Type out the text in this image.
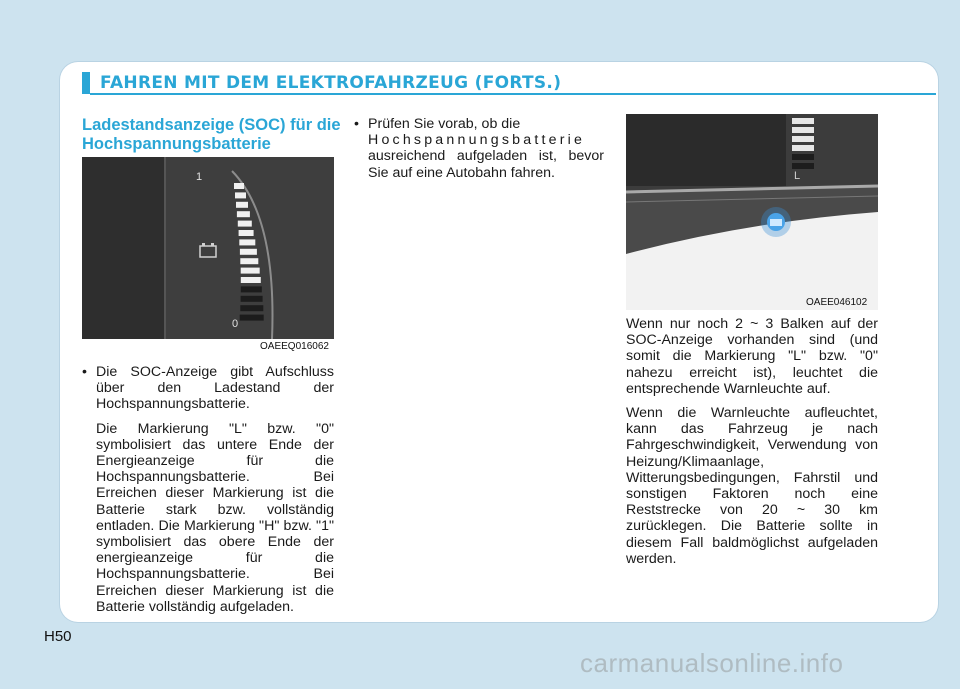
FAHREN MIT DEM ELEKTROFAHRZEUG (FORTS.)
Ladestandsanzeige (SOC) für die Hochspannungsbatterie
1
0
OAEEQ016062
L
OAEE046102

• Die SOC-Anzeige gibt Aufschluss über den Ladestand der Hochspannungsbatterie.

Die Markierung "L" bzw. "0" symbolisiert das untere Ende der Energieanzeige für die Hochspannungsbatterie. Bei Erreichen dieser Markierung ist die Batterie stark bzw. vollständig entladen. Die Markierung "H" bzw. "1" symbolisiert das obere Ende der energieanzeige für die Hochspannungsbatterie. Bei Erreichen dieser Markierung ist die Batterie vollständig aufgeladen.

• Prüfen Sie vorab, ob die
Hochspannungsbatterie
ausreichend aufgeladen ist, bevor Sie auf eine Autobahn fahren.

Wenn nur noch 2 ~ 3 Balken auf der SOC-Anzeige vorhanden sind (und somit die Markierung "L" bzw. "0" nahezu erreicht ist), leuchtet die entsprechende Warnleuchte auf.

Wenn die Warnleuchte aufleuchtet, kann das Fahrzeug je nach Fahrgeschwindigkeit, Verwendung von Heizung/Klimaanlage, Witterungsbedingungen, Fahrstil und sonstigen Faktoren noch eine Reststrecke von 20 ~ 30 km zurücklegen. Die Batterie sollte in diesem Fall baldmöglichst aufgeladen werden.

H50
carmanualsonline.info
